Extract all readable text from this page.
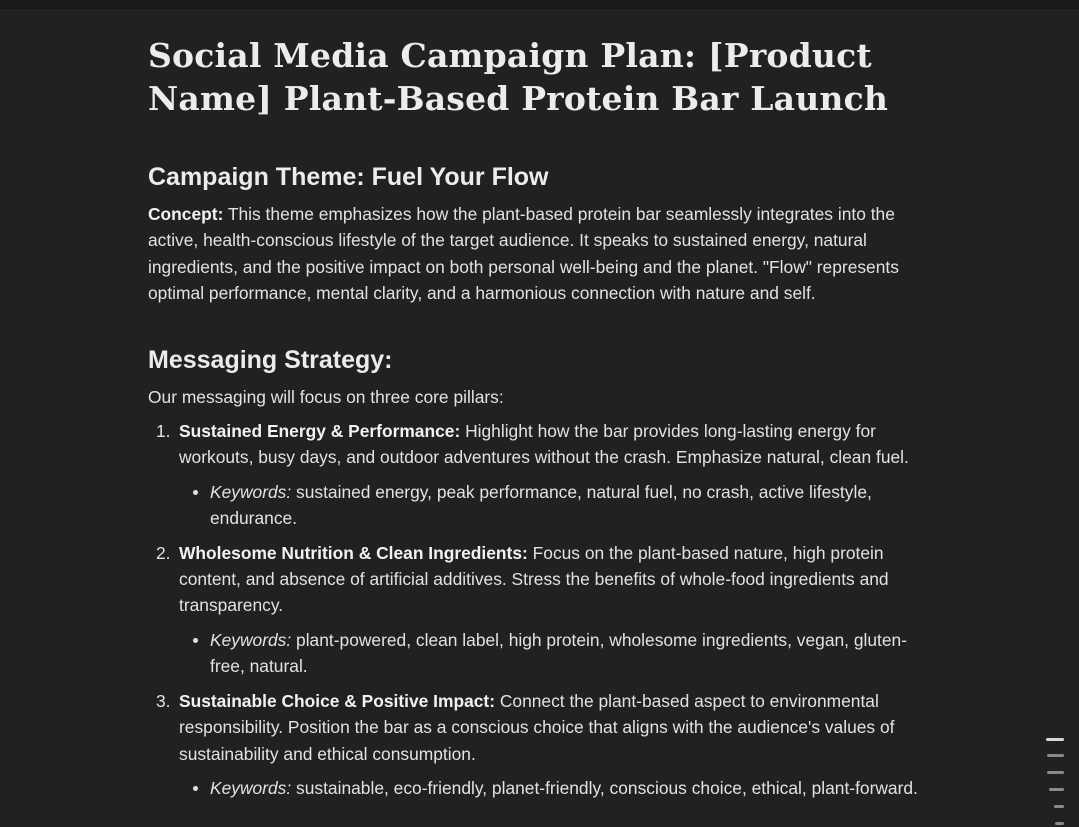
Social Media Campaign Plan: [Product Name] Plant-Based Protein Bar Launch
Campaign Theme: Fuel Your Flow

Concept: This theme emphasizes how the plant-based protein bar seamlessly integrates into the active, health-conscious lifestyle of the target audience. It speaks to sustained energy, natural ingredients, and the positive impact on both personal well-being and the planet. "Flow" represents optimal performance, mental clarity, and a harmonious connection with nature and self.

Messaging Strategy:

Our messaging will focus on three core pillars:

Sustained Energy & Performance: Highlight how the bar provides long-lasting energy for workouts, busy days, and outdoor adventures without the crash. Emphasize natural, clean fuel.
Keywords: sustained energy, peak performance, natural fuel, no crash, active lifestyle, endurance.
Wholesome Nutrition & Clean Ingredients: Focus on the plant-based nature, high protein content, and absence of artificial additives. Stress the benefits of whole-food ingredients and transparency.
Keywords: plant-powered, clean label, high protein, wholesome ingredients, vegan, gluten-free, natural.
Sustainable Choice & Positive Impact: Connect the plant-based aspect to environmental responsibility. Position the bar as a conscious choice that aligns with the audience's values of sustainability and ethical consumption.
Keywords: sustainable, eco-friendly, planet-friendly, conscious choice, ethical, plant-forward.
